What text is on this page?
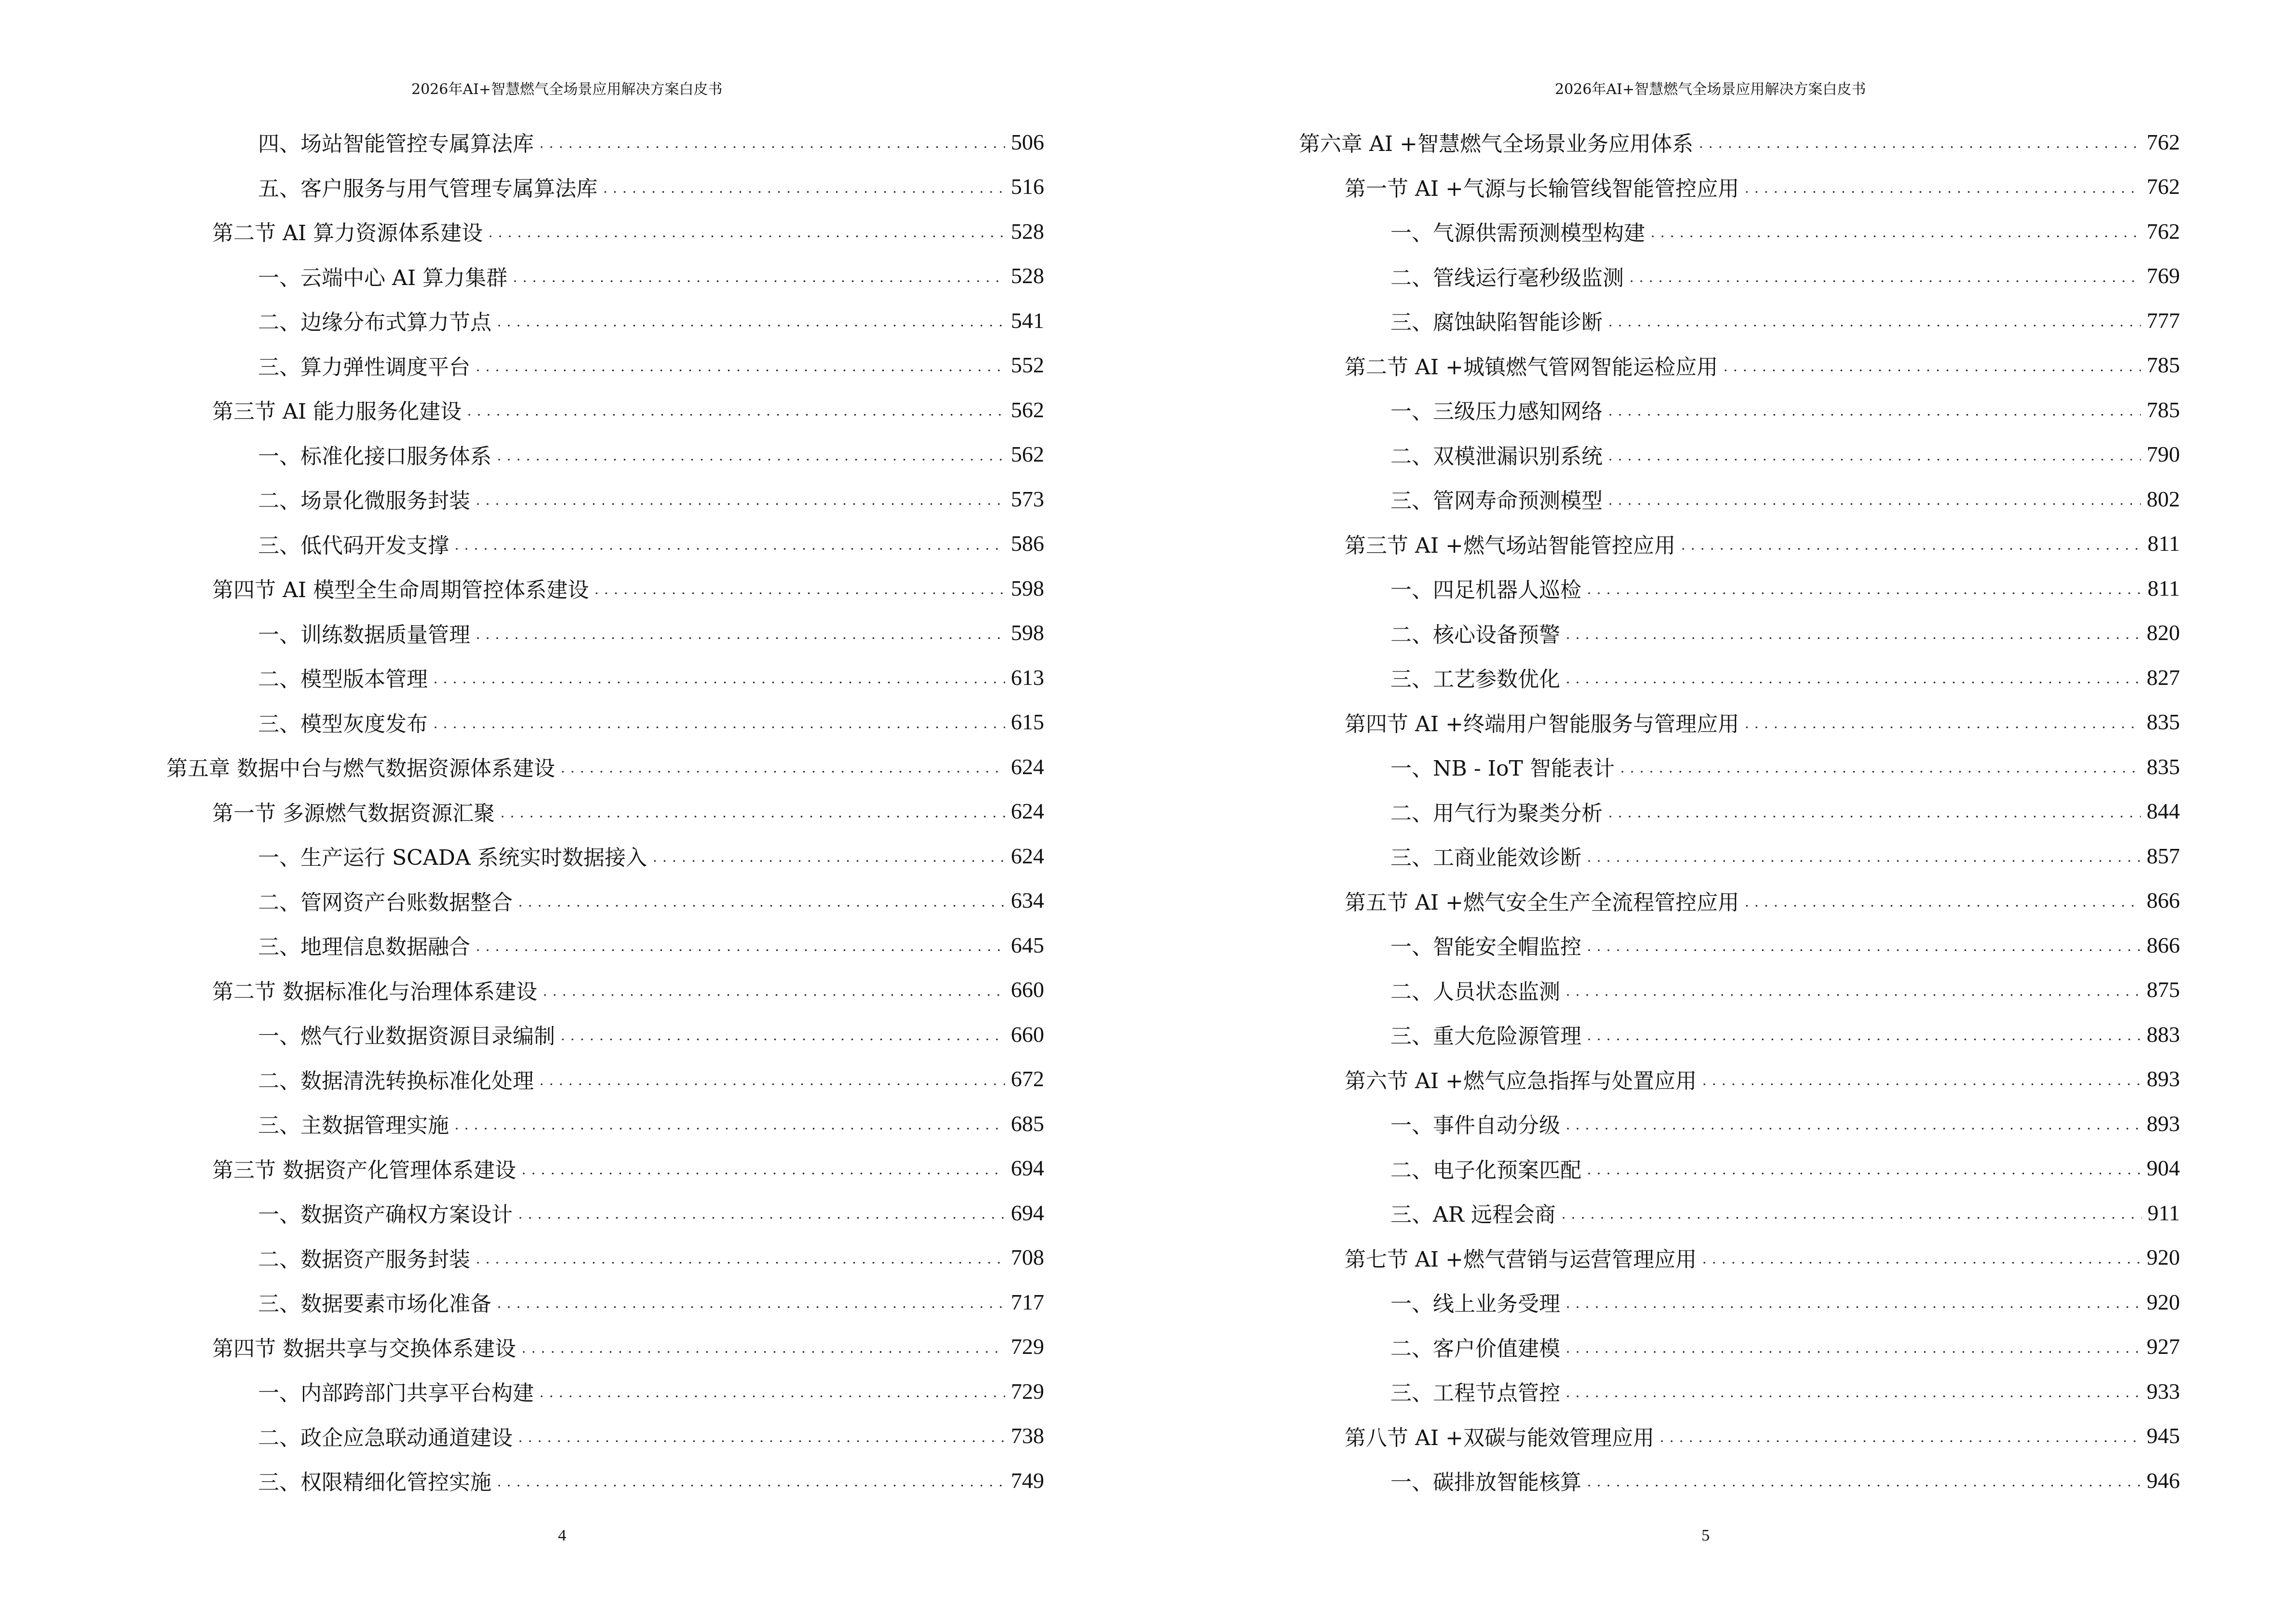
2026年AI+智慧燃气全场景应用解决方案白皮书
四、场站智能管控专属算法库	506
五、客户服务与用气管理专属算法库	516
第二节 AI 算力资源体系建设	528
一、云端中心 AI 算力集群	528
二、边缘分布式算力节点	541
三、算力弹性调度平台	552
第三节 AI 能力服务化建设	562
一、标准化接口服务体系	562
二、场景化微服务封装	573
三、低代码开发支撑	586
第四节 AI 模型全生命周期管控体系建设	598
一、训练数据质量管理	598
二、模型版本管理	613
三、模型灰度发布	615
第五章 数据中台与燃气数据资源体系建设	624
第一节 多源燃气数据资源汇聚	624
一、生产运行 SCADA 系统实时数据接入	624
二、管网资产台账数据整合	634
三、地理信息数据融合	645
第二节 数据标准化与治理体系建设	660
一、燃气行业数据资源目录编制	660
二、数据清洗转换标准化处理	672
三、主数据管理实施	685
第三节 数据资产化管理体系建设	694
一、数据资产确权方案设计	694
二、数据资产服务封装	708
三、数据要素市场化准备	717
第四节 数据共享与交换体系建设	729
一、内部跨部门共享平台构建	729
二、政企应急联动通道建设	738
三、权限精细化管控实施	749
4
2026年AI+智慧燃气全场景应用解决方案白皮书
第六章 AI +智慧燃气全场景业务应用体系	762
第一节 AI +气源与长输管线智能管控应用	762
一、气源供需预测模型构建	762
二、管线运行毫秒级监测	769
三、腐蚀缺陷智能诊断	777
第二节 AI +城镇燃气管网智能运检应用	785
一、三级压力感知网络	785
二、双模泄漏识别系统	790
三、管网寿命预测模型	802
第三节 AI +燃气场站智能管控应用	811
一、四足机器人巡检	811
二、核心设备预警	820
三、工艺参数优化	827
第四节 AI +终端用户智能服务与管理应用	835
一、NB - IoT 智能表计	835
二、用气行为聚类分析	844
三、工商业能效诊断	857
第五节 AI +燃气安全生产全流程管控应用	866
一、智能安全帽监控	866
二、人员状态监测	875
三、重大危险源管理	883
第六节 AI +燃气应急指挥与处置应用	893
一、事件自动分级	893
二、电子化预案匹配	904
三、AR 远程会商	911
第七节 AI +燃气营销与运营管理应用	920
一、线上业务受理	920
二、客户价值建模	927
三、工程节点管控	933
第八节 AI +双碳与能效管理应用	945
一、碳排放智能核算	946
5
